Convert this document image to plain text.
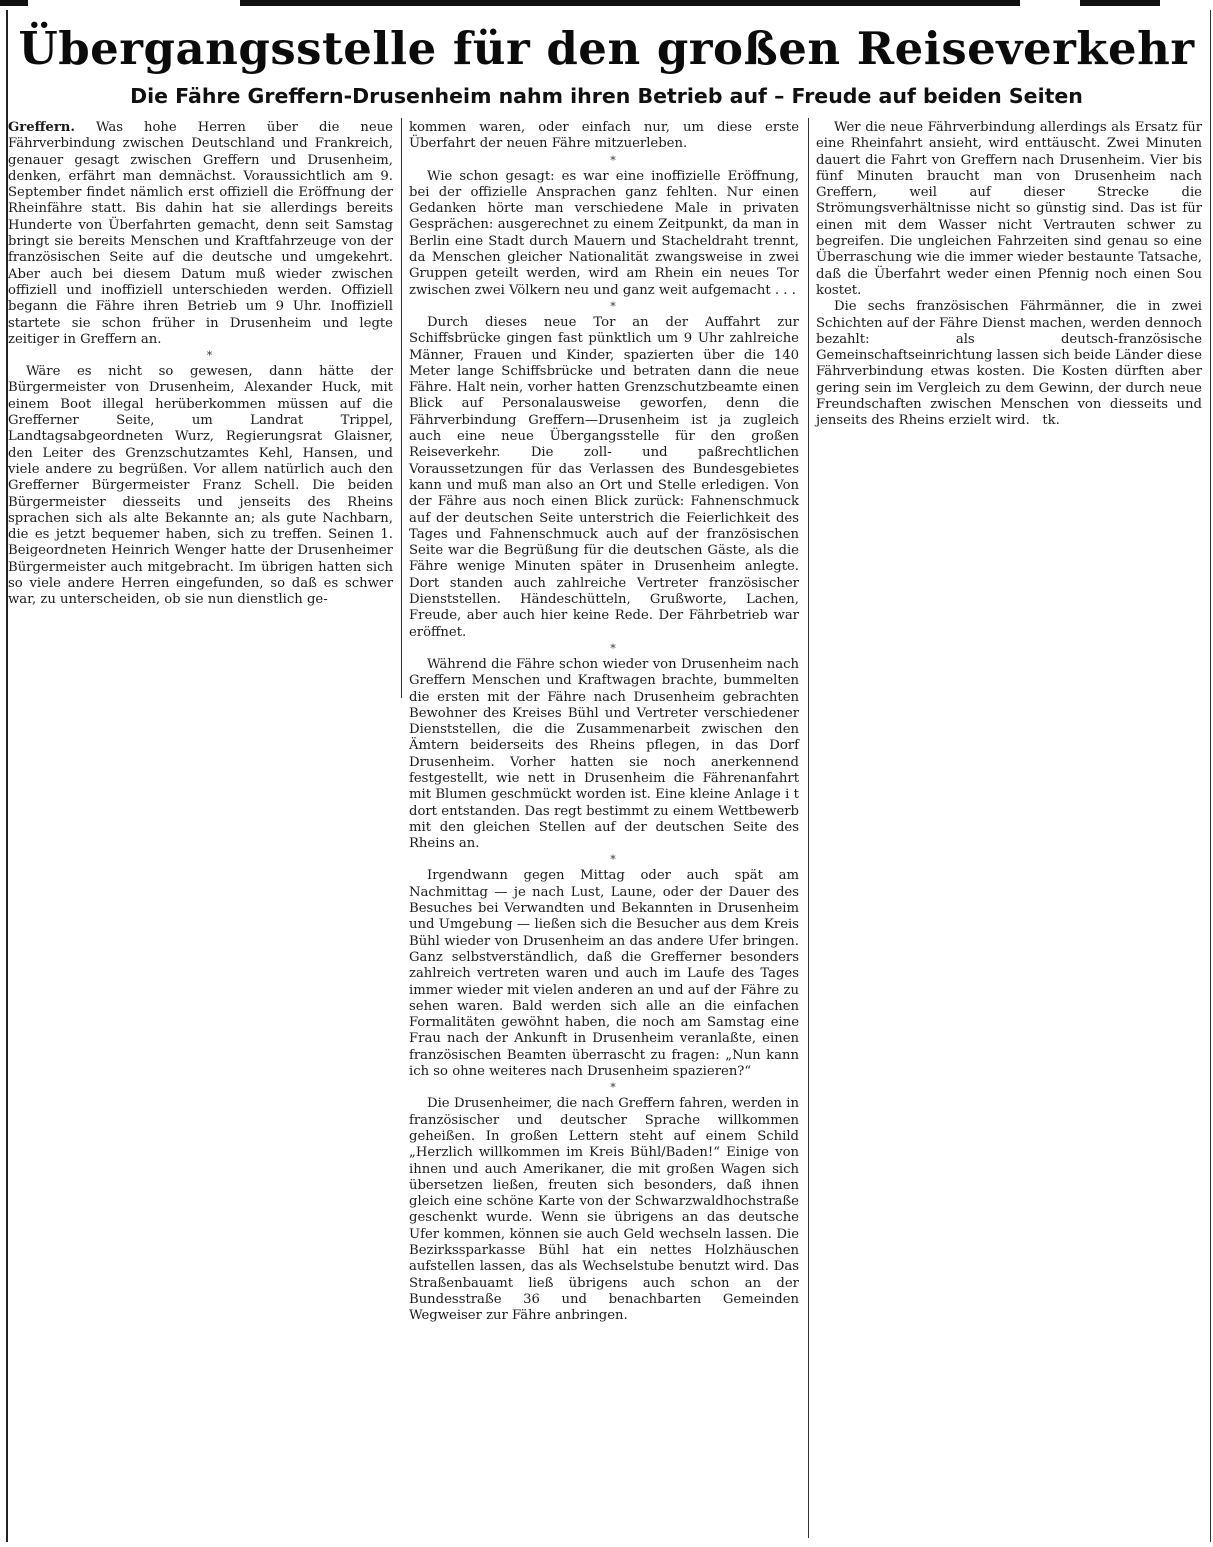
Übergangsstelle für den großen Reiseverkehr
Die Fähre Greffern-Drusenheim nahm ihren Betrieb auf – Freude auf beiden Seiten

Greffern. Was hohe Herren über die neue Fährverbindung zwischen Deutschland und Frankreich, genauer gesagt zwischen Greffern und Drusenheim, denken, erfährt man demnächst. Voraussichtlich am 9. September findet nämlich erst offiziell die Eröffnung der Rheinfähre statt. Bis dahin hat sie allerdings bereits Hunderte von Überfahrten gemacht, denn seit Samstag bringt sie bereits Menschen und Kraftfahrzeuge von der französischen Seite auf die deutsche und umgekehrt. Aber auch bei diesem Datum muß wieder zwischen offiziell und inoffiziell unterschieden werden. Offiziell begann die Fähre ihren Betrieb um 9 Uhr. Inoffiziell startete sie schon früher in Drusenheim und legte zeitiger in Greffern an.

*

Wäre es nicht so gewesen, dann hätte der Bürgermeister von Drusenheim, Alexander Huck, mit einem Boot illegal herüberkommen müssen auf die Grefferner Seite, um Landrat Trippel, Landtagsabgeordneten Wurz, Regierungsrat Glaisner, den Leiter des Grenzschutzamtes Kehl, Hansen, und viele andere zu begrüßen. Vor allem natürlich auch den Grefferner Bürgermeister Franz Schell. Die beiden Bürgermeister diesseits und jenseits des Rheins sprachen sich als alte Bekannte an; als gute Nachbarn, die es jetzt bequemer haben, sich zu treffen. Seinen 1. Beigeordneten Heinrich Wenger hatte der Drusenheimer Bürgermeister auch mitgebracht. Im übrigen hatten sich so viele andere Herren eingefunden, so daß es schwer war, zu unterscheiden, ob sie nun dienstlich ge-

kommen waren, oder einfach nur, um diese erste Überfahrt der neuen Fähre mitzuerleben.

*

Wie schon gesagt: es war eine inoffizielle Eröffnung, bei der offizielle Ansprachen ganz fehlten. Nur einen Gedanken hörte man verschiedene Male in privaten Gesprächen: ausgerechnet zu einem Zeitpunkt, da man in Berlin eine Stadt durch Mauern und Stacheldraht trennt, da Menschen gleicher Nationalität zwangsweise in zwei Gruppen geteilt werden, wird am Rhein ein neues Tor zwischen zwei Völkern neu und ganz weit aufgemacht . . .

*

Durch dieses neue Tor an der Auffahrt zur Schiffsbrücke gingen fast pünktlich um 9 Uhr zahlreiche Männer, Frauen und Kinder, spazierten über die 140 Meter lange Schiffsbrücke und betraten dann die neue Fähre. Halt nein, vorher hatten Grenzschutzbeamte einen Blick auf Personalausweise geworfen, denn die Fährverbindung Greffern—Drusenheim ist ja zugleich auch eine neue Übergangsstelle für den großen Reiseverkehr. Die zoll- und paßrechtlichen Voraussetzungen für das Verlassen des Bundesgebietes kann und muß man also an Ort und Stelle erledigen. Von der Fähre aus noch einen Blick zurück: Fahnenschmuck auf der deutschen Seite unterstrich die Feierlichkeit des Tages und Fahnenschmuck auch auf der französischen Seite war die Begrüßung für die deutschen Gäste, als die Fähre wenige Minuten später in Drusenheim anlegte. Dort standen auch zahlreiche Vertreter französischer Dienststellen. Händeschütteln, Grußworte, Lachen, Freude, aber auch hier keine Rede. Der Fährbetrieb war eröffnet.

*

Während die Fähre schon wieder von Drusenheim nach Greffern Menschen und Kraftwagen brachte, bummelten die ersten mit der Fähre nach Drusenheim gebrachten Bewohner des Kreises Bühl und Vertreter verschiedener Dienststellen, die die Zusammenarbeit zwischen den Ämtern beiderseits des Rheins pflegen, in das Dorf Drusenheim. Vorher hatten sie noch anerkennend festgestellt, wie nett in Drusenheim die Fährenanfahrt mit Blumen geschmückt worden ist. Eine kleine Anlage i t dort entstanden. Das regt bestimmt zu einem Wettbewerb mit den gleichen Stellen auf der deutschen Seite des Rheins an.

*

Irgendwann gegen Mittag oder auch spät am Nachmittag — je nach Lust, Laune, oder der Dauer des Besuches bei Verwandten und Bekannten in Drusenheim und Umgebung — ließen sich die Besucher aus dem Kreis Bühl wieder von Drusenheim an das andere Ufer bringen. Ganz selbstverständlich, daß die Grefferner besonders zahlreich vertreten waren und auch im Laufe des Tages immer wieder mit vielen anderen an und auf der Fähre zu sehen waren. Bald werden sich alle an die einfachen Formalitäten gewöhnt haben, die noch am Samstag eine Frau nach der Ankunft in Drusenheim veranlaßte, einen französischen Beamten überrascht zu fragen: „Nun kann ich so ohne weiteres nach Drusenheim spazieren?“

*

Die Drusenheimer, die nach Greffern fahren, werden in französischer und deutscher Sprache willkommen geheißen. In großen Lettern steht auf einem Schild „Herzlich willkommen im Kreis Bühl/Baden!“ Einige von ihnen und auch Amerikaner, die mit großen Wagen sich übersetzen ließen, freuten sich besonders, daß ihnen gleich eine schöne Karte von der Schwarzwaldhochstraße geschenkt wurde. Wenn sie übrigens an das deutsche Ufer kommen, können sie auch Geld wechseln lassen. Die Bezirkssparkasse Bühl hat ein nettes Holzhäuschen aufstellen lassen, das als Wechselstube benutzt wird. Das Straßenbauamt ließ übrigens auch schon an der Bundesstraße 36 und benachbarten Gemeinden Wegweiser zur Fähre anbringen.

Wer die neue Fährverbindung allerdings als Ersatz für eine Rheinfahrt ansieht, wird enttäuscht. Zwei Minuten dauert die Fahrt von Greffern nach Drusenheim. Vier bis fünf Minuten braucht man von Drusenheim nach Greffern, weil auf dieser Strecke die Strömungsverhältnisse nicht so günstig sind. Das ist für einen mit dem Wasser nicht Vertrauten schwer zu begreifen. Die ungleichen Fahrzeiten sind genau so eine Überraschung wie die immer wieder bestaunte Tatsache, daß die Überfahrt weder einen Pfennig noch einen Sou kostet.

Die sechs französischen Fährmänner, die in zwei Schichten auf der Fähre Dienst machen, werden dennoch bezahlt: als deutsch-französische Gemeinschaftseinrichtung lassen sich beide Länder diese Fährverbindung etwas kosten. Die Kosten dürften aber gering sein im Vergleich zu dem Gewinn, der durch neue Freundschaften zwischen Menschen von diesseits und jenseits des Rheins erzielt wird. tk.
